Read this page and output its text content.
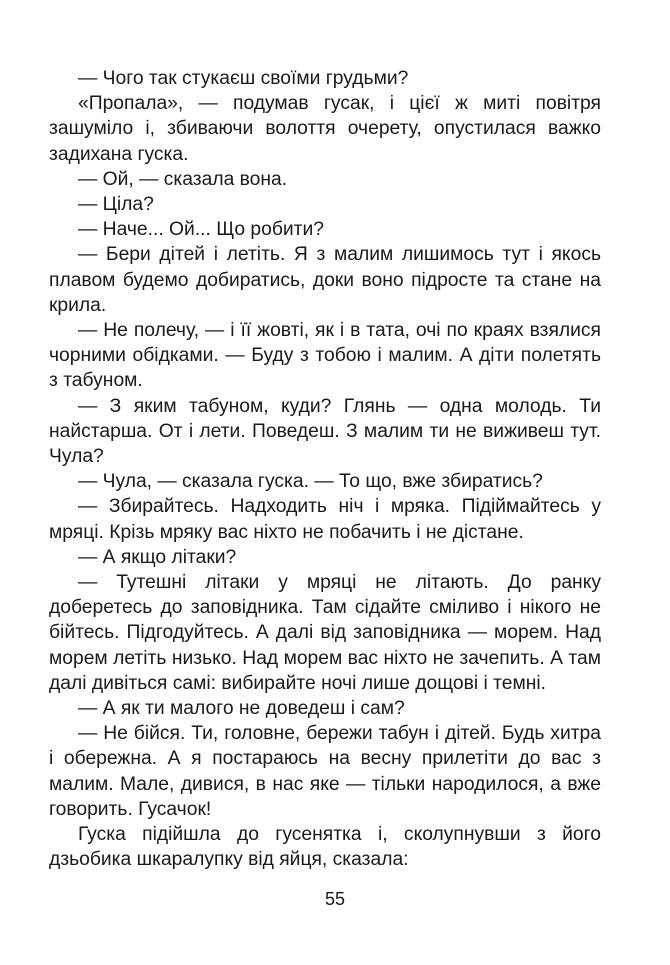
— Чого так стукаєш своїми грудьми?

«Пропала», — подумав гусак, і цієї ж миті повітря зашуміло і, збиваючи волоття очерету, опустилася важко задихана гуска.

— Ой, — сказала вона.

— Ціла?

— Наче... Ой... Що робити?

— Бери дітей і летіть. Я з малим лишимось тут і якось плавом будемо добиратись, доки воно підросте та стане на крила.

— Не полечу, — і її жовті, як і в тата, очі по краях взялися чорними обідками. — Буду з тобою і малим. А діти полетять з табуном.

— З яким табуном, куди? Глянь — одна молодь. Ти найстарша. От і лети. Поведеш. З малим ти не виживеш тут. Чула?

— Чула, — сказала гуска. — То що, вже збиратись?

— Збирайтесь. Надходить ніч і мряка. Підіймайтесь у мряці. Крізь мряку вас ніхто не побачить і не дістане.

— А якщо літаки?

— Тутешні літаки у мряці не літають. До ранку доберетесь до заповідника. Там сідайте сміливо і нікого не бійтесь. Підгодуйтесь. А далі від заповідника — морем. Над морем летіть низько. Над морем вас ніхто не зачепить. А там далі дивіться самі: вибирайте ночі лише дощові і темні.

— А як ти малого не доведеш і сам?

— Не бійся. Ти, головне, бережи табун і дітей. Будь хитра і обережна. А я постараюсь на весну прилетіти до вас з малим. Мале, дивися, в нас яке — тільки народилося, а вже говорить. Гусачок!

Гуска підійшла до гусенятка і, сколупнувши з його дзьобика шкаралупку від яйця, сказала:

55
